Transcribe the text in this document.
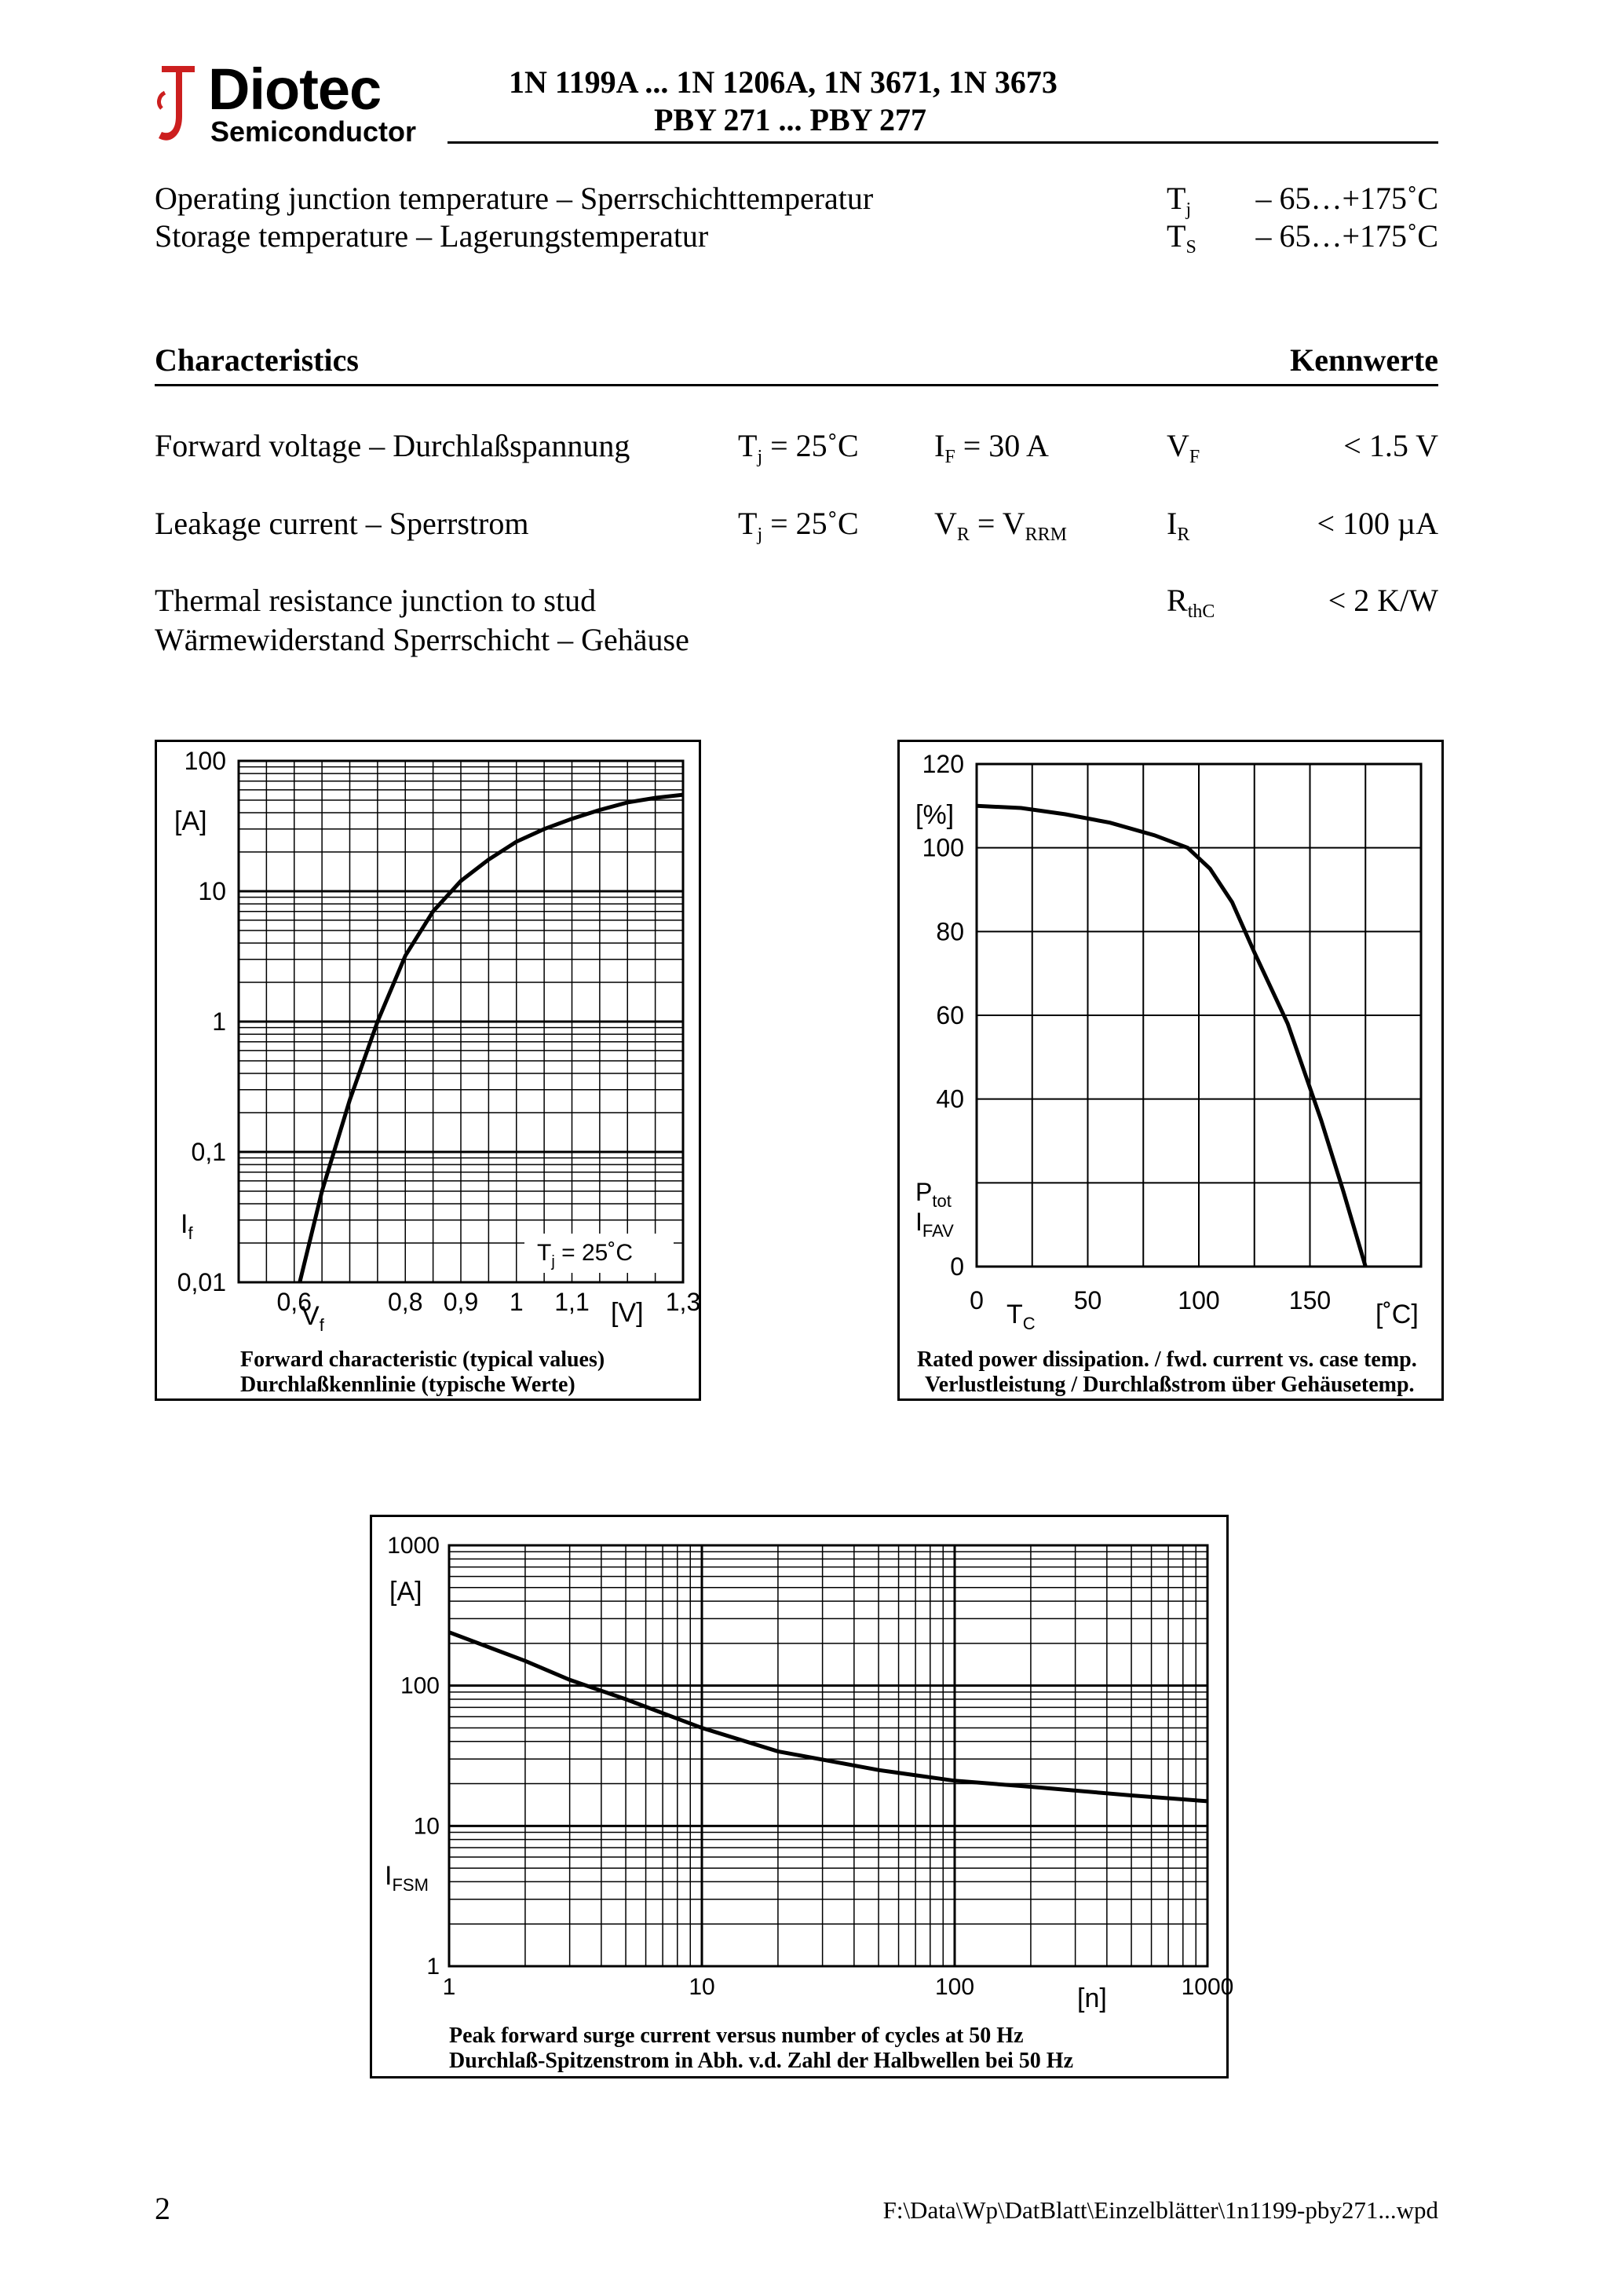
Diotec
Semiconductor
1N 1199A ... 1N 1206A, 1N 3671, 1N 3673
PBY 271 ... PBY 277
Operating junction temperature – Sperrschichttemperatur	$T_j$	– 65…+175˚C
Storage temperature – Lagerungstemperatur	$T_S$	– 65…+175˚C
Characteristics	Kennwerte
Forward voltage – Durchlaßspannung	$T_j$ = 25˚C $I_F = 30$ A	$V_F$	< 1.5 V
Leakage current – Sperrstrom	$T_j$ = 25˚C $V_R = V_{RRM}$	$I_R$	< 100 µA
Thermal resistance junction to stud
Wärmewiderstand Sperrschicht – Gehäuse
$R_{thC}$	< 2 K/W
0,6	0,8 0,9 1 1,1	1,3
100
10
1
0,1
0,01
[A]
$I_f$
$V_f$	[V]
$T_j$ = 25˚C
Forward characteristic (typical values)
Durchlaßkennlinie (typische Werte)
0	50	100	150
120
100
80
60
40
0
[%]
$P_{tot}$
$I_{FAV}$
$T_C$	[˚C]
Rated power dissipation. / fwd. current vs. case temp.
Verlustleistung / Durchlaßstrom über Gehäusetemp.
1	10	100	1000
1000
100
10
1
[A]
$I_{FSM}$
[n]
Peak forward surge current versus number of cycles at 50 Hz
Durchlaß-Spitzenstrom in Abh. v.d. Zahl der Halbwellen bei 50 Hz
2	F:\Data\Wp\DatBlatt\Einzelblätter\1n1199-pby271...wpd
